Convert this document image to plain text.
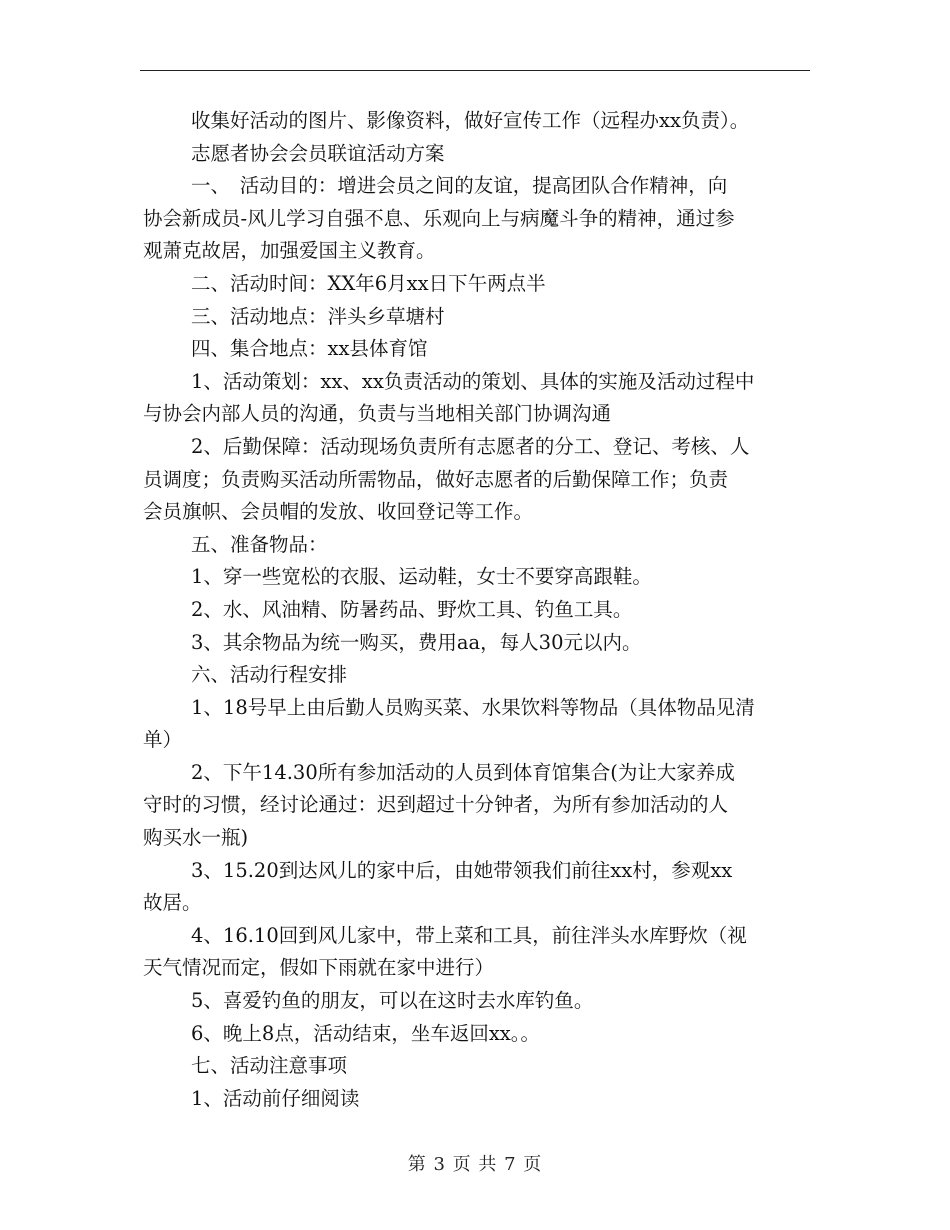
收集好活动的图片、影像资料，做好宣传工作（远程办xx负责）。

志愿者协会会员联谊活动方案

一、　活动目的：增进会员之间的友谊，提高团队合作精神，向
协会新成员-风儿学习自强不息、乐观向上与病魔斗争的精神，通过参
观萧克故居，加强爱国主义教育。

二、活动时间：XX年6月xx日下午两点半

三、活动地点：泮头乡草塘村

四、集合地点：xx县体育馆

1、活动策划：xx、xx负责活动的策划、具体的实施及活动过程中
与协会内部人员的沟通，负责与当地相关部门协调沟通

2、后勤保障：活动现场负责所有志愿者的分工、登记、考核、人
员调度；负责购买活动所需物品，做好志愿者的后勤保障工作；负责
会员旗帜、会员帽的发放、收回登记等工作。

五、准备物品：

1、穿一些宽松的衣服、运动鞋，女士不要穿高跟鞋。

2、水、风油精、防暑药品、野炊工具、钓鱼工具。

3、其余物品为统一购买，费用aa，每人30元以内。

六、活动行程安排

1、18号早上由后勤人员购买菜、水果饮料等物品（具体物品见清
单）

2、下午14.30所有参加活动的人员到体育馆集合(为让大家养成
守时的习惯，经讨论通过：迟到超过十分钟者，为所有参加活动的人
购买水一瓶)

3、15.20到达风儿的家中后，由她带领我们前往xx村，参观xx
故居。

4、16.10回到风儿家中，带上菜和工具，前往泮头水库野炊（视
天气情况而定，假如下雨就在家中进行）

5、喜爱钓鱼的朋友，可以在这时去水库钓鱼。

6、晚上8点，活动结束，坐车返回xx。。

七、活动注意事项

1、活动前仔细阅读

第 3 页 共 7 页
